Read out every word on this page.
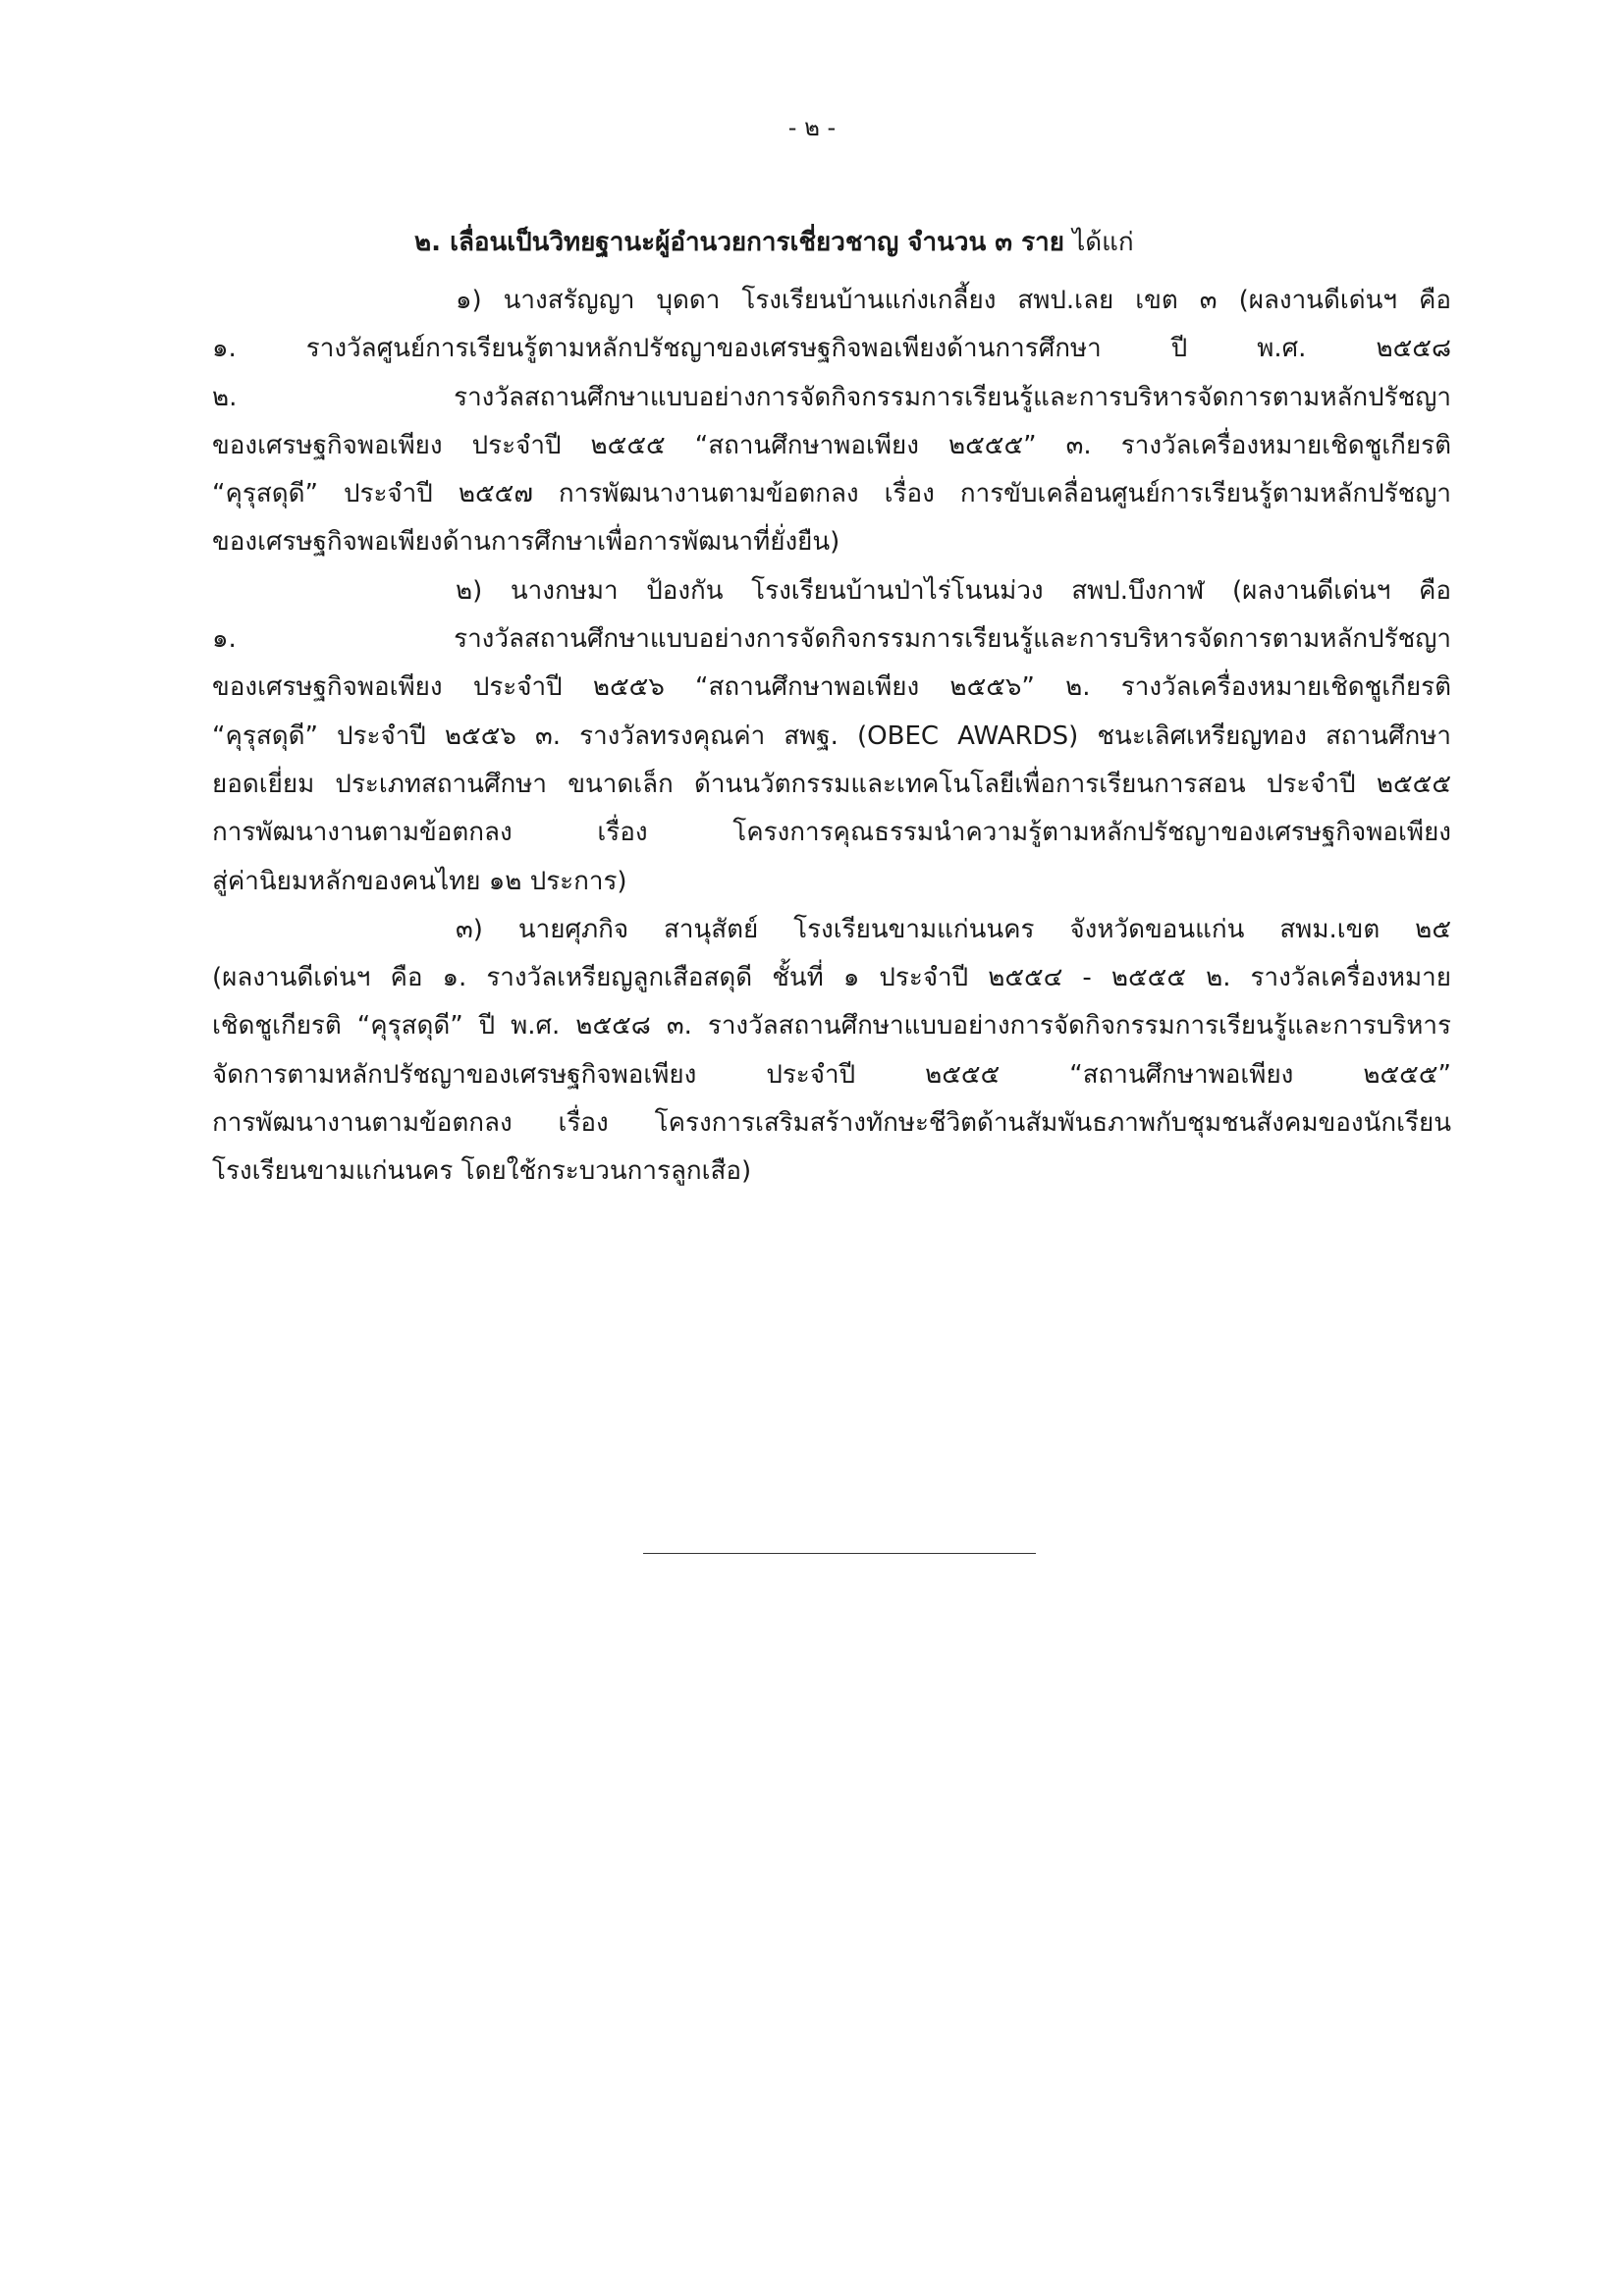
- ๒ -
๒. เลื่อนเป็นวิทยฐานะผู้อำนวยการเชี่ยวชาญ จำนวน ๓ ราย ได้แก่
๑) นางสรัญญา บุดดา โรงเรียนบ้านแก่งเกลี้ยง สพป.เลย เขต ๓ (ผลงานดีเด่นฯ คือ
๑. รางวัลศูนย์การเรียนรู้ตามหลักปรัชญาของเศรษฐกิจพอเพียงด้านการศึกษา ปี พ.ศ. ๒๕๕๘
๒. รางวัลสถานศึกษาแบบอย่างการจัดกิจกรรมการเรียนรู้และการบริหารจัดการตามหลักปรัชญา
ของเศรษฐกิจพอเพียง ประจำปี ๒๕๕๕ “สถานศึกษาพอเพียง ๒๕๕๕” ๓. รางวัลเครื่องหมายเชิดชูเกียรติ
“คุรุสดุดี” ประจำปี ๒๕๕๗ การพัฒนางานตามข้อตกลง เรื่อง การขับเคลื่อนศูนย์การเรียนรู้ตามหลักปรัชญา
ของเศรษฐกิจพอเพียงด้านการศึกษาเพื่อการพัฒนาที่ยั่งยืน)
๒) นางกษมา ป้องกัน โรงเรียนบ้านป่าไร่โนนม่วง สพป.บึงกาฬ (ผลงานดีเด่นฯ คือ
๑. รางวัลสถานศึกษาแบบอย่างการจัดกิจกรรมการเรียนรู้และการบริหารจัดการตามหลักปรัชญา
ของเศรษฐกิจพอเพียง ประจำปี ๒๕๕๖ “สถานศึกษาพอเพียง ๒๕๕๖” ๒. รางวัลเครื่องหมายเชิดชูเกียรติ
“คุรุสดุดี” ประจำปี ๒๕๕๖ ๓. รางวัลทรงคุณค่า สพฐ. (OBEC AWARDS) ชนะเลิศเหรียญทอง สถานศึกษา
ยอดเยี่ยม ประเภทสถานศึกษา ขนาดเล็ก ด้านนวัตกรรมและเทคโนโลยีเพื่อการเรียนการสอน ประจำปี ๒๕๕๕
การพัฒนางานตามข้อตกลง เรื่อง โครงการคุณธรรมนำความรู้ตามหลักปรัชญาของเศรษฐกิจพอเพียง
สู่ค่านิยมหลักของคนไทย ๑๒ ประการ)
๓) นายศุภกิจ สานุสัตย์ โรงเรียนขามแก่นนคร จังหวัดขอนแก่น สพม.เขต ๒๕
(ผลงานดีเด่นฯ คือ ๑. รางวัลเหรียญลูกเสือสดุดี ชั้นที่ ๑ ประจำปี ๒๕๕๔ - ๒๕๕๕ ๒. รางวัลเครื่องหมาย
เชิดชูเกียรติ “คุรุสดุดี” ปี พ.ศ. ๒๕๕๘ ๓. รางวัลสถานศึกษาแบบอย่างการจัดกิจกรรมการเรียนรู้และการบริหาร
จัดการตามหลักปรัชญาของเศรษฐกิจพอเพียง ประจำปี ๒๕๕๕ “สถานศึกษาพอเพียง ๒๕๕๕”
การพัฒนางานตามข้อตกลง เรื่อง โครงการเสริมสร้างทักษะชีวิตด้านสัมพันธภาพกับชุมชนสังคมของนักเรียน
โรงเรียนขามแก่นนคร โดยใช้กระบวนการลูกเสือ)
